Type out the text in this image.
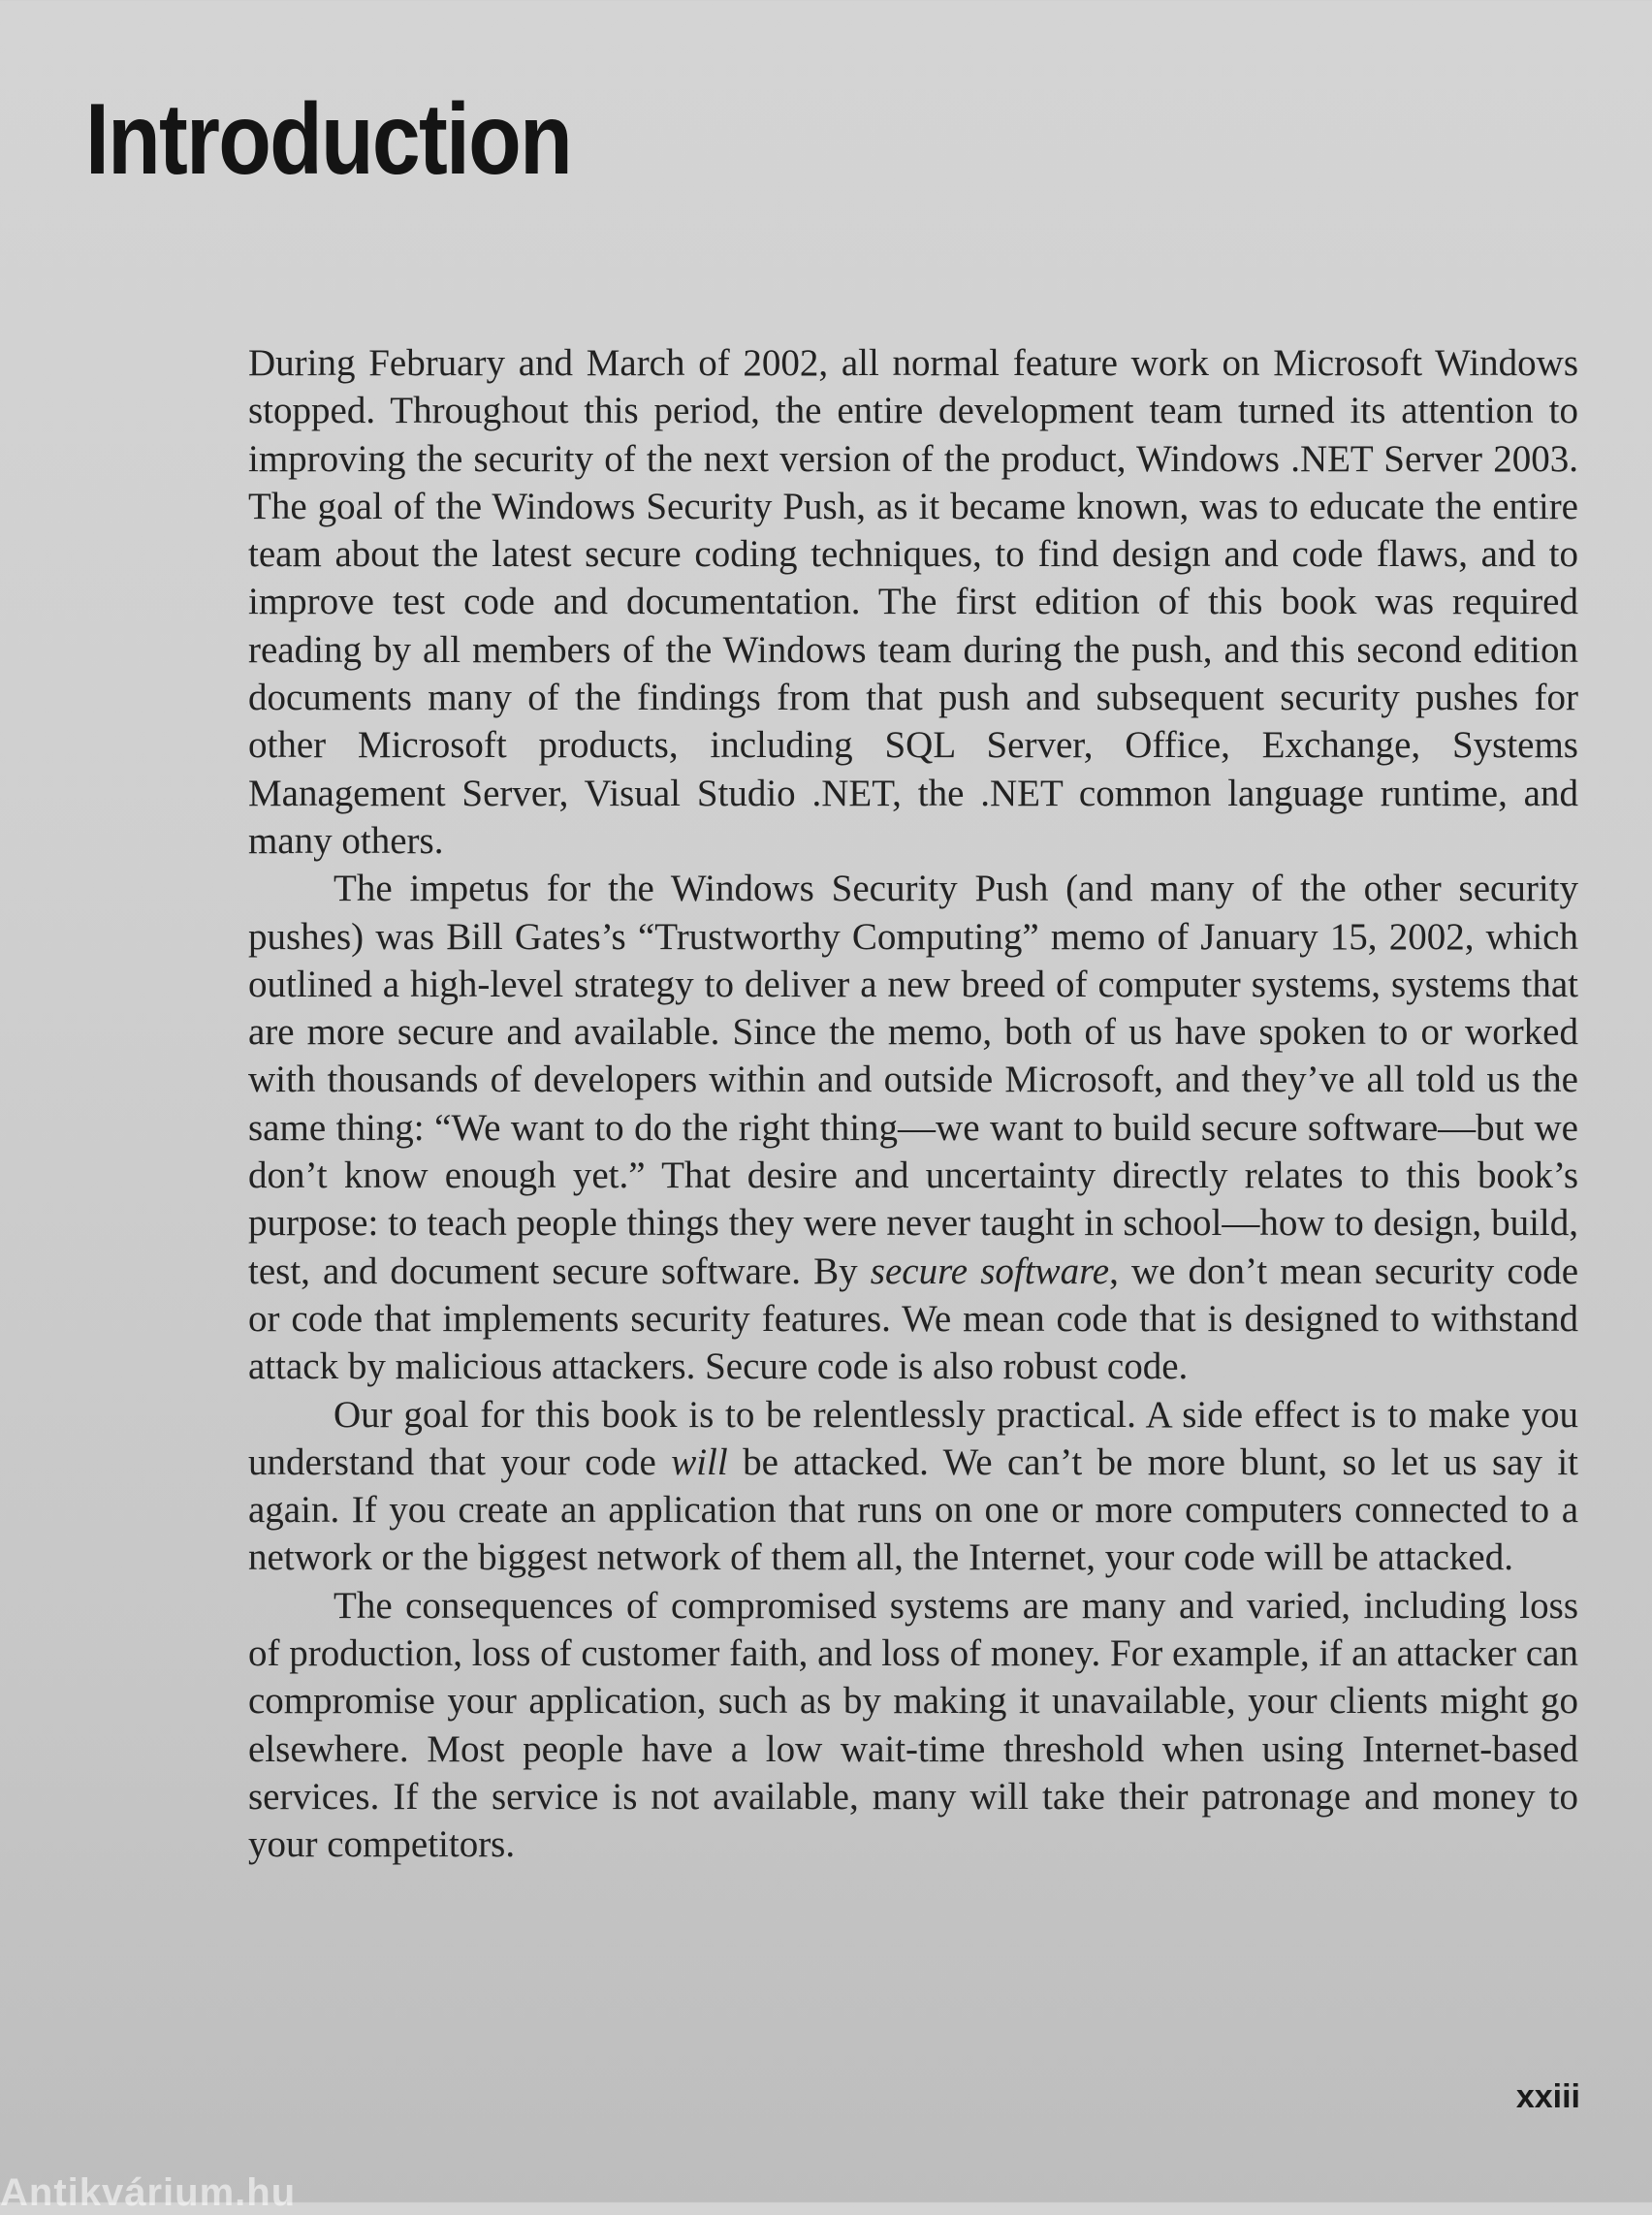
Introduction

During February and March of 2002, all normal feature work on Microsoft Windows stopped. Throughout this period, the entire development team turned its attention to improving the security of the next version of the product, Windows .NET Server 2003. The goal of the Windows Security Push, as it became known, was to educate the entire team about the latest secure coding techniques, to find design and code flaws, and to improve test code and documentation. The first edition of this book was required reading by all members of the Windows team during the push, and this second edition documents many of the findings from that push and subsequent security pushes for other Microsoft products, including SQL Server, Office, Exchange, Systems Management Server, Visual Studio .NET, the .NET common language runtime, and many others.

The impetus for the Windows Security Push (and many of the other security pushes) was Bill Gates’s “Trustworthy Computing” memo of January 15, 2002, which outlined a high-level strategy to deliver a new breed of computer systems, systems that are more secure and available. Since the memo, both of us have spoken to or worked with thousands of developers within and outside Microsoft, and they’ve all told us the same thing: “We want to do the right thing—we want to build secure software—but we don’t know enough yet.” That desire and uncertainty directly relates to this book’s purpose: to teach people things they were never taught in school—how to design, build, test, and document secure software. By secure software, we don’t mean security code or code that implements security features. We mean code that is designed to withstand attack by malicious attackers. Secure code is also robust code.

Our goal for this book is to be relentlessly practical. A side effect is to make you understand that your code will be attacked. We can’t be more blunt, so let us say it again. If you create an application that runs on one or more computers connected to a network or the biggest network of them all, the Internet, your code will be attacked.

The consequences of compromised systems are many and varied, including loss of production, loss of customer faith, and loss of money. For example, if an attacker can compromise your application, such as by making it unavailable, your clients might go elsewhere. Most people have a low wait-time threshold when using Internet-based services. If the service is not available, many will take their patronage and money to your competitors.

xxiii
Antikvárium.hu
